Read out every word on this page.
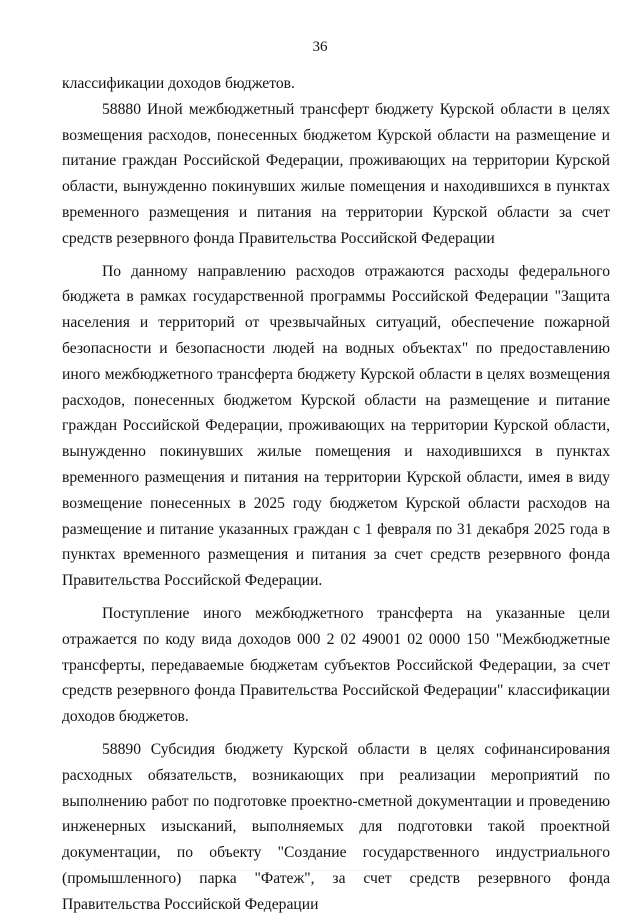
36

классификации доходов бюджетов.

58880 Иной межбюджетный трансферт бюджету Курской области в целях возмещения расходов, понесенных бюджетом Курской области на размещение и питание граждан Российской Федерации, проживающих на территории Курской области, вынужденно покинувших жилые помещения и находившихся в пунктах временного размещения и питания на территории Курской области за счет средств резервного фонда Правительства Российской Федерации

По данному направлению расходов отражаются расходы федерального бюджета в рамках государственной программы Российской Федерации "Защита населения и территорий от чрезвычайных ситуаций, обеспечение пожарной безопасности и безопасности людей на водных объектах" по предоставлению иного межбюджетного трансферта бюджету Курской области в целях возмещения расходов, понесенных бюджетом Курской области на размещение и питание граждан Российской Федерации, проживающих на территории Курской области, вынужденно покинувших жилые помещения и находившихся в пунктах временного размещения и питания на территории Курской области, имея в виду возмещение понесенных в 2025 году бюджетом Курской области расходов на размещение и питание указанных граждан с 1 февраля по 31 декабря 2025 года в пунктах временного размещения и питания за счет средств резервного фонда Правительства Российской Федерации.

Поступление иного межбюджетного трансферта на указанные цели отражается по коду вида доходов 000 2 02 49001 02 0000 150 "Межбюджетные трансферты, передаваемые бюджетам субъектов Российской Федерации, за счет средств резервного фонда Правительства Российской Федерации" классификации доходов бюджетов.

58890 Субсидия бюджету Курской области в целях софинансирования расходных обязательств, возникающих при реализации мероприятий по выполнению работ по подготовке проектно-сметной документации и проведению инженерных изысканий, выполняемых для подготовки такой проектной документации, по объекту "Создание государственного индустриального (промышленного) парка "Фатеж", за счет средств резервного фонда Правительства Российской Федерации
